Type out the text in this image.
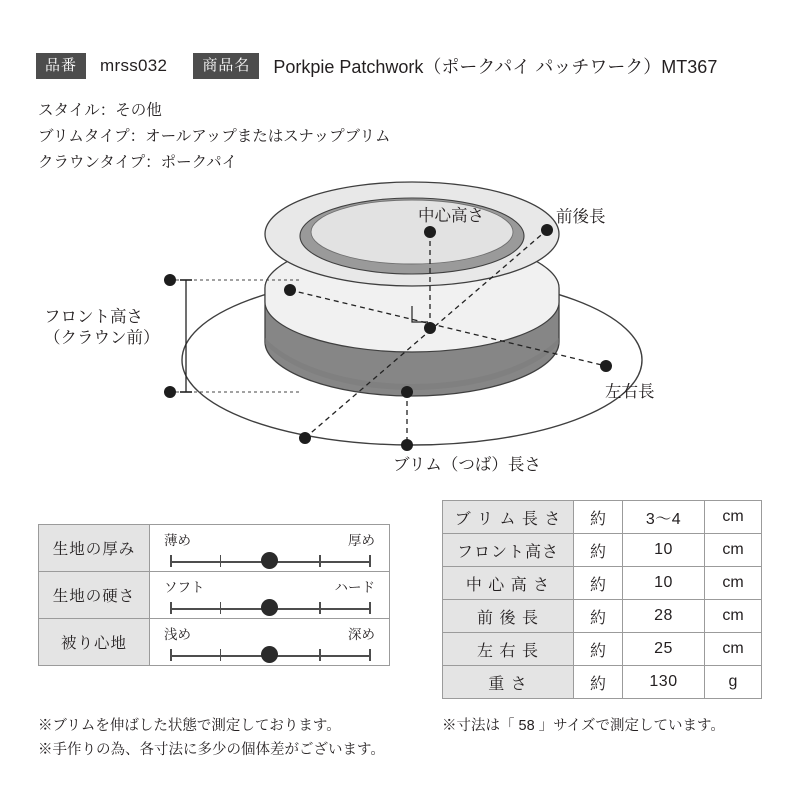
品番	mrss032	商品名	Porkpie Patchwork（ポークパイ パッチワーク）MT367
スタイル：その他
ブリムタイプ：オールアップまたはスナップブリム
クラウンタイプ：ポークパイ
中心高さ	前後長
左右長
ブリム（つば）長さ
フロント高さ
（クラウン前）
生地の厚み	薄め 厚め

生地の硬さ	ソフト ハード

被り心地	浅め 深め
ブ リ ム 長 さ	約	3〜4	cm
フロント高さ	約	10	cm
中 心 高 さ	約	10	cm
前 後 長	約	28	cm
左 右 長	約	25	cm
重 さ	約	130	g
※ブリムを伸ばした状態で測定しております。
※手作りの為、各寸法に多少の個体差がございます。
※寸法は「 58 」サイズで測定しています。
